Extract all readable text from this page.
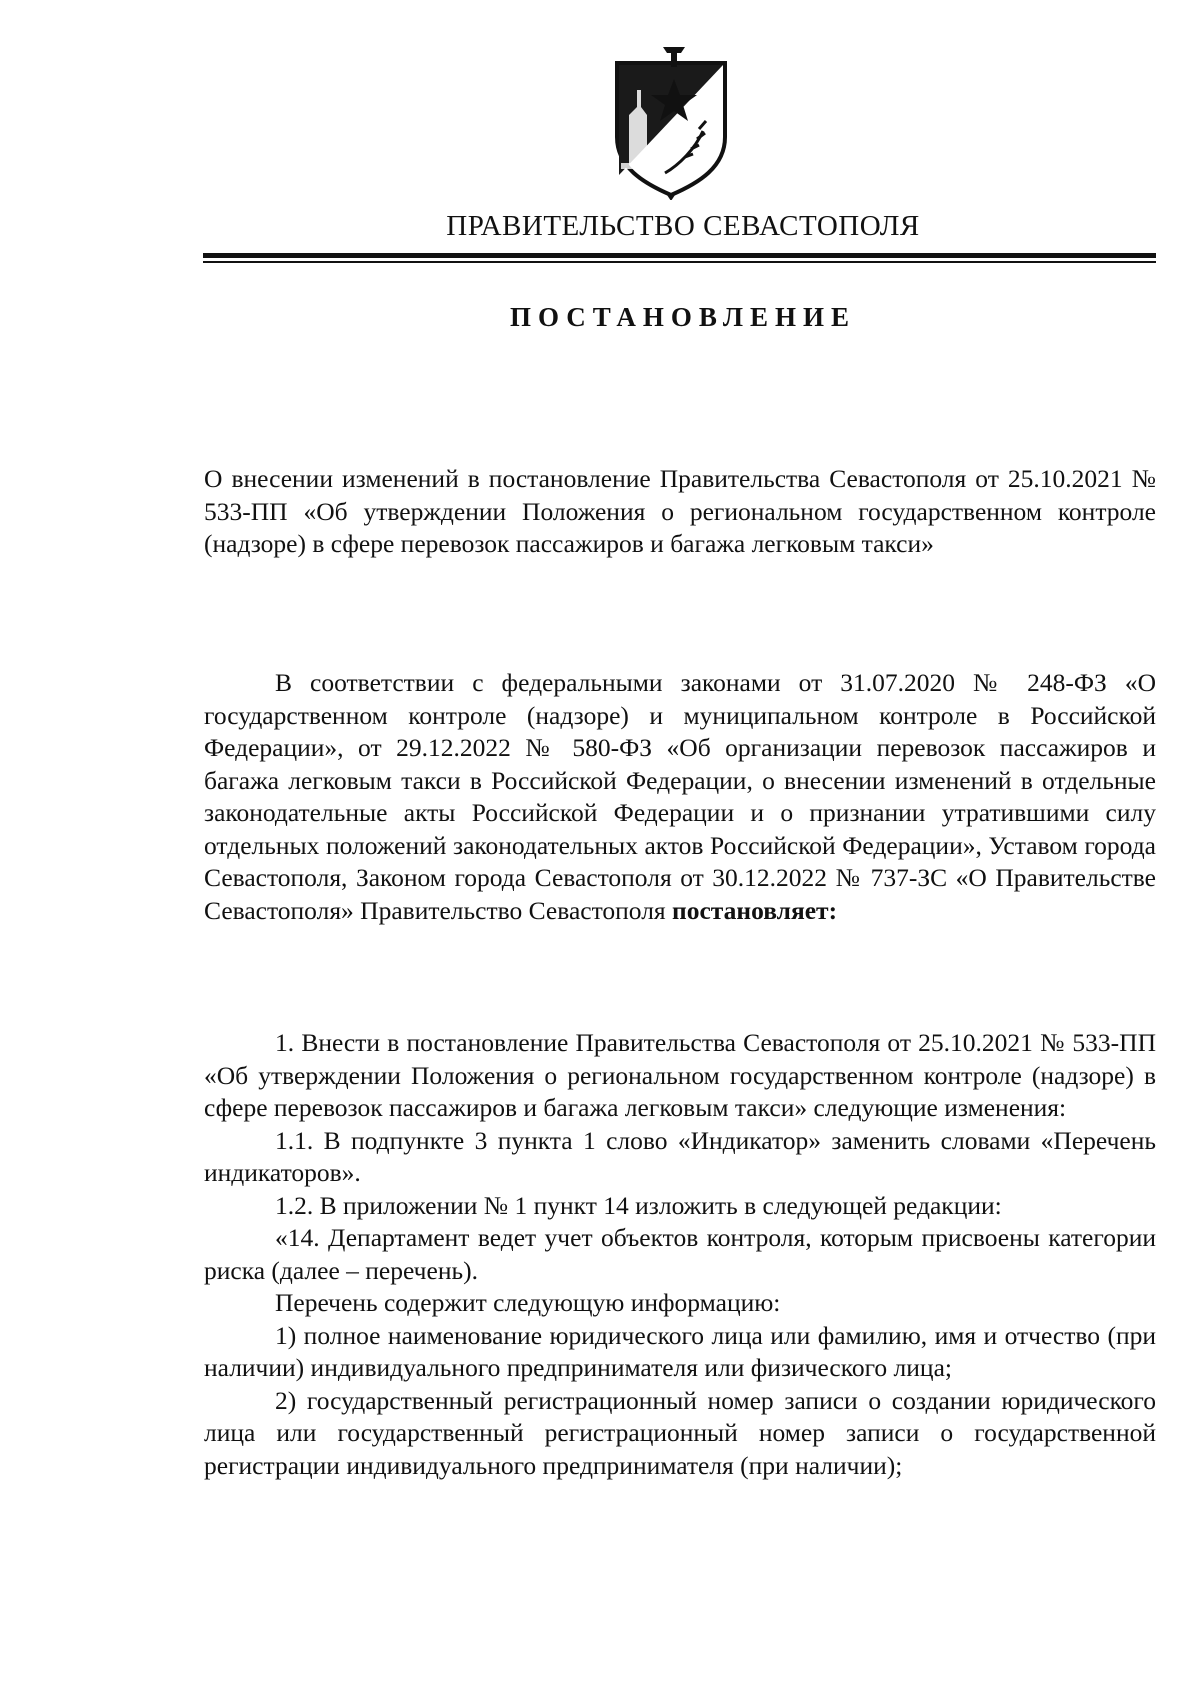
ПРАВИТЕЛЬСТВО СЕВАСТОПОЛЯ
ПОСТАНОВЛЕНИЕ
О внесении изменений в постановление Правительства Севастополя от 25.10.2021 № 533-ПП «Об утверждении Положения о региональном государственном контроле (надзоре) в сфере перевозок пассажиров и багажа легковым такси»
В соответствии с федеральными законами от 31.07.2020 № 248-ФЗ «О государственном контроле (надзоре) и муниципальном контроле в Российской Федерации», от 29.12.2022 № 580-ФЗ «Об организации перевозок пассажиров и багажа легковым такси в Российской Федерации, о внесении изменений в отдельные законодательные акты Российской Федерации и о признании утратившими силу отдельных положений законодательных актов Российской Федерации», Уставом города Севастополя, Законом города Севастополя от 30.12.2022 № 737-ЗС «О Правительстве Севастополя» Правительство Севастополя постановляет:

1. Внести в постановление Правительства Севастополя от 25.10.2021 № 533-ПП «Об утверждении Положения о региональном государственном контроле (надзоре) в сфере перевозок пассажиров и багажа легковым такси» следующие изменения:

1.1. В подпункте 3 пункта 1 слово «Индикатор» заменить словами «Перечень индикаторов».

1.2. В приложении № 1 пункт 14 изложить в следующей редакции:

«14. Департамент ведет учет объектов контроля, которым присвоены категории риска (далее – перечень).

Перечень содержит следующую информацию:

1) полное наименование юридического лица или фамилию, имя и отчество (при наличии) индивидуального предпринимателя или физического лица;

2) государственный регистрационный номер записи о создании юридического лица или государственный регистрационный номер записи о государственной регистрации индивидуального предпринимателя (при наличии);
